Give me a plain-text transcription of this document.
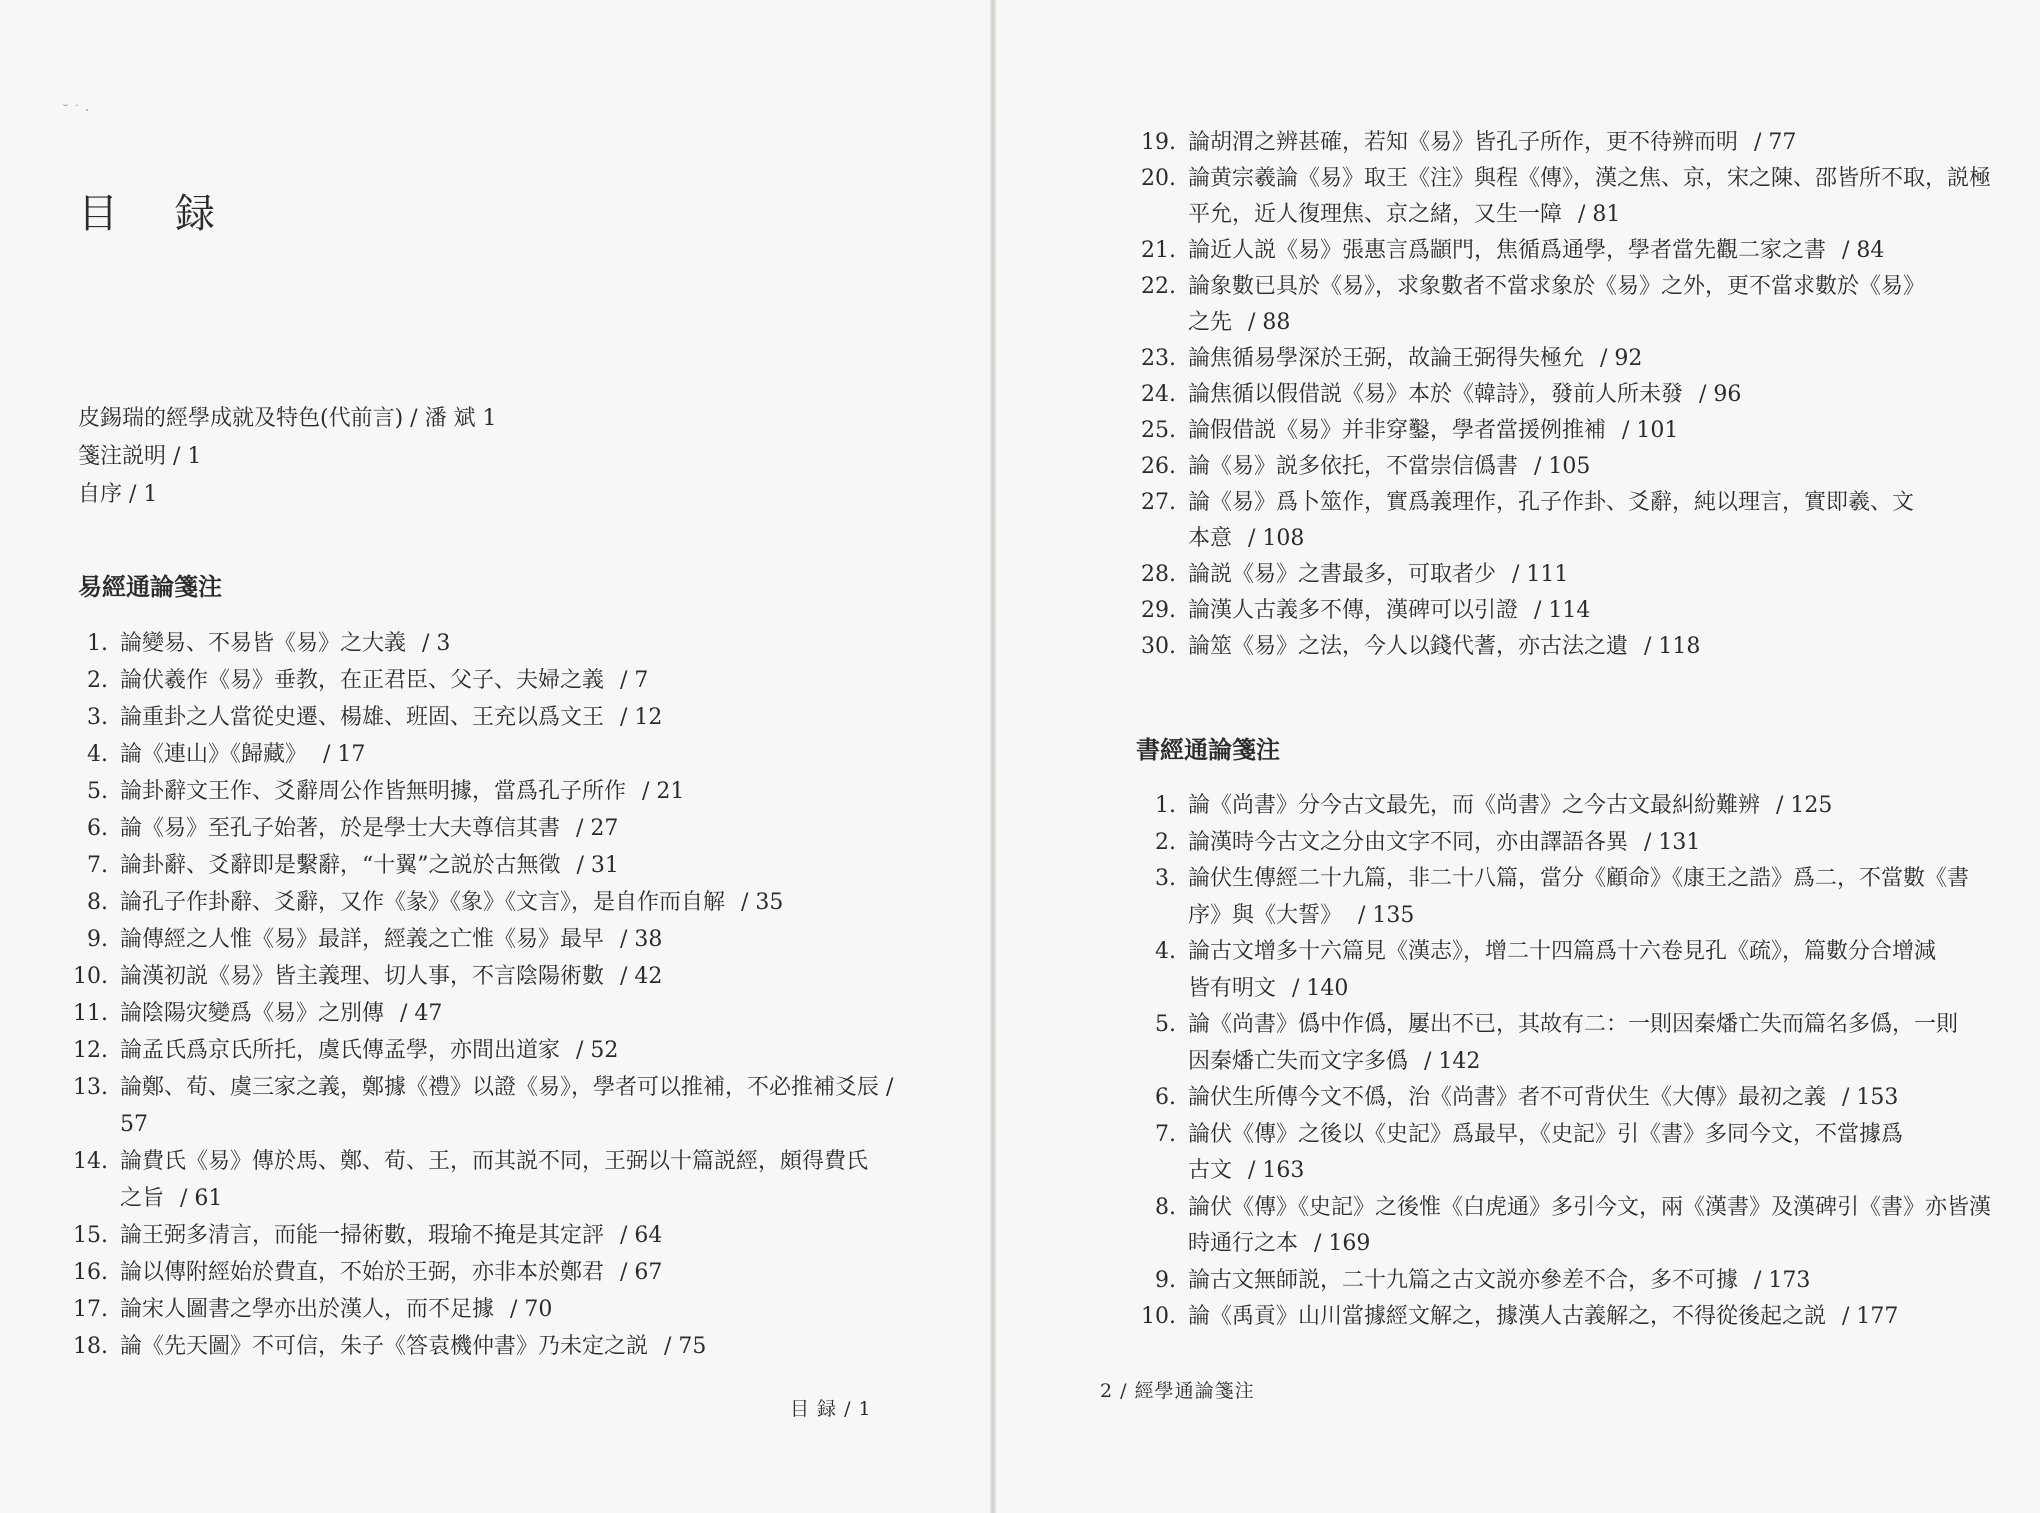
目 録
皮錫瑞的經學成就及特色(代前言) / 潘 斌 1
箋注説明 / 1
自序 / 1
易經通論箋注
1. 論變易、不易皆《易》之大義 / 3
2. 論伏羲作《易》垂教，在正君臣、父子、夫婦之義 / 7
3. 論重卦之人當從史遷、楊雄、班固、王充以爲文王 / 12
4. 論《連山》《歸藏》 / 17
5. 論卦辭文王作、爻辭周公作皆無明據，當爲孔子所作 / 21
6. 論《易》至孔子始著，於是學士大夫尊信其書 / 27
7. 論卦辭、爻辭即是繫辭，“十翼”之説於古無徵 / 31
8. 論孔子作卦辭、爻辭，又作《彖》《象》《文言》，是自作而自解 / 35
9. 論傳經之人惟《易》最詳，經義之亡惟《易》最早 / 38
10. 論漢初説《易》皆主義理、切人事，不言陰陽術數 / 42
11. 論陰陽灾變爲《易》之別傳 / 47
12. 論孟氏爲京氏所托，虞氏傳孟學，亦間出道家 / 52
13. 論鄭、荀、虞三家之義，鄭據《禮》以證《易》，學者可以推補，不必推補爻辰 /
57
14. 論費氏《易》傳於馬、鄭、荀、王，而其説不同，王弼以十篇説經，頗得費氏
之旨 / 61
15. 論王弼多清言，而能一掃術數，瑕瑜不掩是其定評 / 64
16. 論以傳附經始於費直，不始於王弼，亦非本於鄭君 / 67
17. 論宋人圖書之學亦出於漢人，而不足據 / 70
18. 論《先天圖》不可信，朱子《答袁機仲書》乃未定之説 / 75
19. 論胡渭之辨甚確，若知《易》皆孔子所作，更不待辨而明 / 77
20. 論黄宗羲論《易》取王《注》與程《傳》，漢之焦、京，宋之陳、邵皆所不取，説極
平允，近人復理焦、京之緒，又生一障 / 81
21. 論近人説《易》張惠言爲顓門，焦循爲通學，學者當先觀二家之書 / 84
22. 論象數已具於《易》，求象數者不當求象於《易》之外，更不當求數於《易》
之先 / 88
23. 論焦循易學深於王弼，故論王弼得失極允 / 92
24. 論焦循以假借説《易》本於《韓詩》，發前人所未發 / 96
25. 論假借説《易》并非穿鑿，學者當援例推補 / 101
26. 論《易》説多依托，不當崇信僞書 / 105
27. 論《易》爲卜筮作，實爲義理作，孔子作卦、爻辭，純以理言，實即羲、文
本意 / 108
28. 論説《易》之書最多，可取者少 / 111
29. 論漢人古義多不傳，漢碑可以引證 / 114
30. 論筮《易》之法，今人以錢代蓍，亦古法之遺 / 118
書經通論箋注
1. 論《尚書》分今古文最先，而《尚書》之今古文最糾紛難辨 / 125
2. 論漢時今古文之分由文字不同，亦由譯語各異 / 131
3. 論伏生傳經二十九篇，非二十八篇，當分《顧命》《康王之誥》爲二，不當數《書
序》與《大誓》 / 135
4. 論古文增多十六篇見《漢志》，增二十四篇爲十六卷見孔《疏》，篇數分合增減
皆有明文 / 140
5. 論《尚書》僞中作僞，屢出不已，其故有二：一則因秦燔亡失而篇名多僞，一則
因秦燔亡失而文字多僞 / 142
6. 論伏生所傳今文不僞，治《尚書》者不可背伏生《大傳》最初之義 / 153
7. 論伏《傳》之後以《史記》爲最早，《史記》引《書》多同今文，不當據爲
古文 / 163
8. 論伏《傳》《史記》之後惟《白虎通》多引今文，兩《漢書》及漢碑引《書》亦皆漢
時通行之本 / 169
9. 論古文無師説，二十九篇之古文説亦參差不合，多不可據 / 173
10. 論《禹貢》山川當據經文解之，據漢人古義解之，不得從後起之説 / 177
目 録 / 1
2 / 經學通論箋注
˘ ˙ ·
